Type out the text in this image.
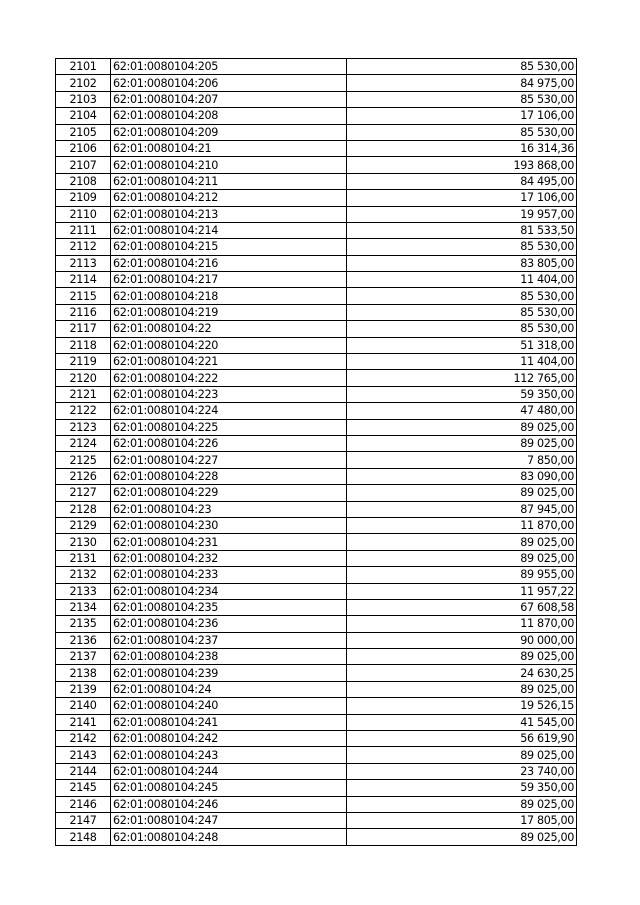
2101	62:01:0080104:205	85 530,00
2102	62:01:0080104:206	84 975,00
2103	62:01:0080104:207	85 530,00
2104	62:01:0080104:208	17 106,00
2105	62:01:0080104:209	85 530,00
2106	62:01:0080104:21	16 314,36
2107	62:01:0080104:210	193 868,00
2108	62:01:0080104:211	84 495,00
2109	62:01:0080104:212	17 106,00
2110	62:01:0080104:213	19 957,00
2111	62:01:0080104:214	81 533,50
2112	62:01:0080104:215	85 530,00
2113	62:01:0080104:216	83 805,00
2114	62:01:0080104:217	11 404,00
2115	62:01:0080104:218	85 530,00
2116	62:01:0080104:219	85 530,00
2117	62:01:0080104:22	85 530,00
2118	62:01:0080104:220	51 318,00
2119	62:01:0080104:221	11 404,00
2120	62:01:0080104:222	112 765,00
2121	62:01:0080104:223	59 350,00
2122	62:01:0080104:224	47 480,00
2123	62:01:0080104:225	89 025,00
2124	62:01:0080104:226	89 025,00
2125	62:01:0080104:227	7 850,00
2126	62:01:0080104:228	83 090,00
2127	62:01:0080104:229	89 025,00
2128	62:01:0080104:23	87 945,00
2129	62:01:0080104:230	11 870,00
2130	62:01:0080104:231	89 025,00
2131	62:01:0080104:232	89 025,00
2132	62:01:0080104:233	89 955,00
2133	62:01:0080104:234	11 957,22
2134	62:01:0080104:235	67 608,58
2135	62:01:0080104:236	11 870,00
2136	62:01:0080104:237	90 000,00
2137	62:01:0080104:238	89 025,00
2138	62:01:0080104:239	24 630,25
2139	62:01:0080104:24	89 025,00
2140	62:01:0080104:240	19 526,15
2141	62:01:0080104:241	41 545,00
2142	62:01:0080104:242	56 619,90
2143	62:01:0080104:243	89 025,00
2144	62:01:0080104:244	23 740,00
2145	62:01:0080104:245	59 350,00
2146	62:01:0080104:246	89 025,00
2147	62:01:0080104:247	17 805,00
2148	62:01:0080104:248	89 025,00
